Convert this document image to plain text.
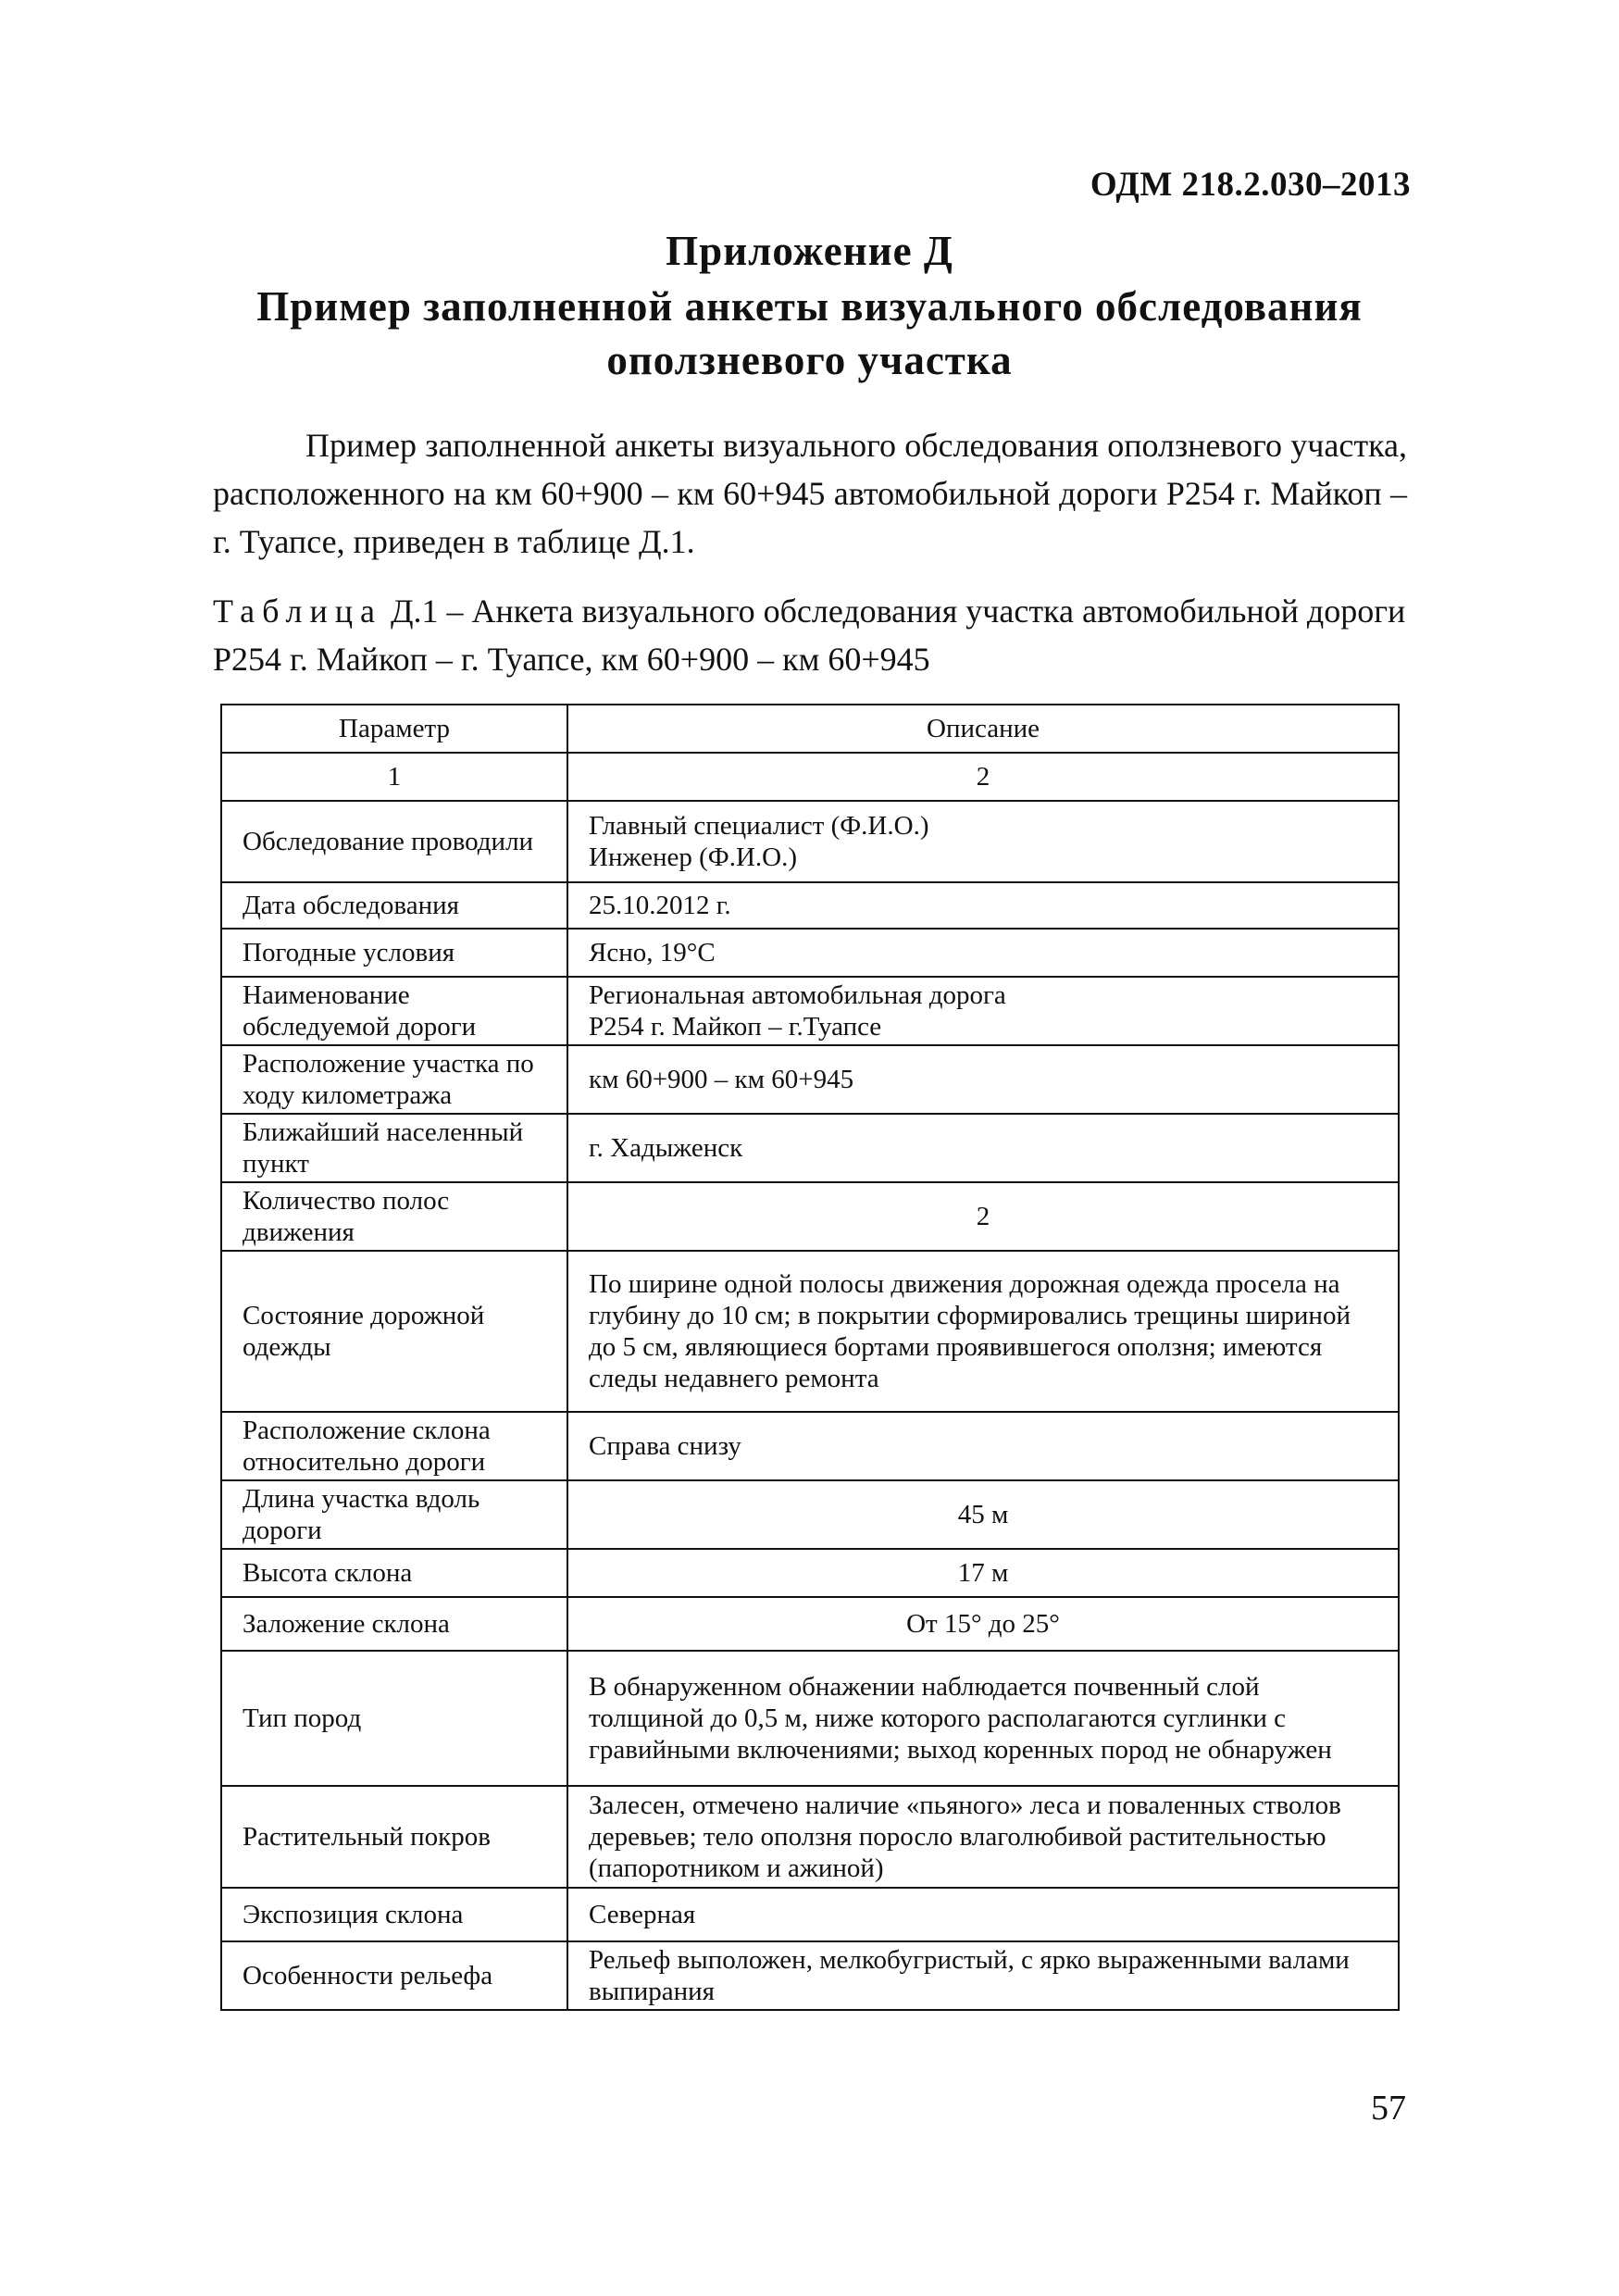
ОДМ 218.2.030–2013
Приложение Д
Пример заполненной анкеты визуального обследования оползневого участка

Пример заполненной анкеты визуального обследования оползневого участка, расположенного на км 60+900 – км 60+945 автомобильной дороги Р254 г. Майкоп – г. Туапсе, приведен в таблице Д.1.

Таблица Д.1 – Анкета визуального обследования участка автомобильной дороги Р254 г. Майкоп – г. Туапсе, км 60+900 – км 60+945

Параметр	Описание
1	2
Обследование проводили	Главный специалист (Ф.И.О.)
Инженер (Ф.И.О.)

Дата обследования	25.10.2012 г.

Погодные условия	Ясно, 19°С

Наименование обследуемой дороги	Региональная автомобильная дорога
Р254 г. Майкоп – г.Туапсе

Расположение участка по ходу километража	км 60+900 – км 60+945

Ближайший населенный пункт	г. Хадыженск

Количество полос движения	2

Состояние дорожной одежды	По ширине одной полосы движения дорожная одежда просела на глубину до 10 см; в покрытии сформировались трещины шириной до 5 см, являющиеся бортами проявившегося оползня; имеются следы недавнего ремонта

Расположение склона относительно дороги	Справа снизу

Длина участка вдоль дороги	45 м

Высота склона	17 м

Заложение склона	От 15° до 25°

Тип пород	В обнаруженном обнажении наблюдается почвенный слой толщиной до 0,5 м, ниже которого располагаются суглинки с гравийными включениями; выход коренных пород не обнаружен

Растительный покров	Залесен, отмечено наличие «пьяного» леса и поваленных стволов деревьев; тело оползня поросло влаголюбивой растительностью (папоротником и ажиной)

Экспозиция склона	Северная

Особенности рельефа	Рельеф выположен, мелкобугристый, с ярко выраженными валами выпирания
57
